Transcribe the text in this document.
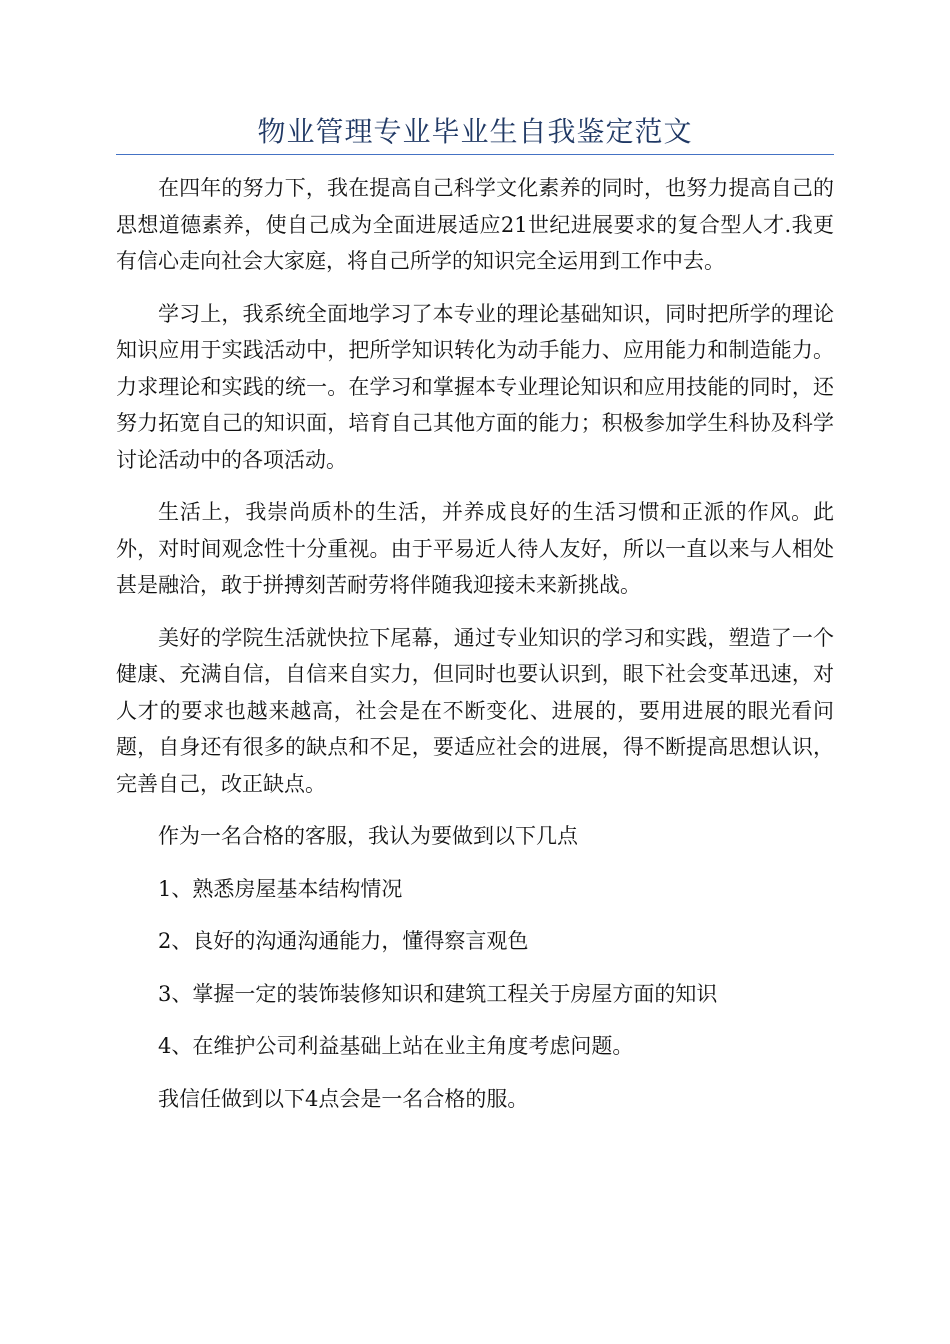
物业管理专业毕业生自我鉴定范文

在四年的努力下，我在提高自己科学文化素养的同时，也努力提高自己的思想道德素养，使自己成为全面进展适应21世纪进展要求的复合型人才.我更有信心走向社会大家庭，将自己所学的知识完全运用到工作中去。

学习上，我系统全面地学习了本专业的理论基础知识，同时把所学的理论知识应用于实践活动中，把所学知识转化为动手能力、应用能力和制造能力。力求理论和实践的统一。在学习和掌握本专业理论知识和应用技能的同时，还努力拓宽自己的知识面，培育自己其他方面的能力；积极参加学生科协及科学讨论活动中的各项活动。

生活上，我崇尚质朴的生活，并养成良好的生活习惯和正派的作风。此外，对时间观念性十分重视。由于平易近人待人友好，所以一直以来与人相处甚是融洽，敢于拼搏刻苦耐劳将伴随我迎接未来新挑战。

美好的学院生活就快拉下尾幕，通过专业知识的学习和实践，塑造了一个健康、充满自信，自信来自实力，但同时也要认识到，眼下社会变革迅速，对人才的要求也越来越高，社会是在不断变化、进展的，要用进展的眼光看问题，自身还有很多的缺点和不足，要适应社会的进展，得不断提高思想认识，完善自己，改正缺点。

作为一名合格的客服，我认为要做到以下几点

1、熟悉房屋基本结构情况

2、良好的沟通沟通能力，懂得察言观色

3、掌握一定的装饰装修知识和建筑工程关于房屋方面的知识

4、在维护公司利益基础上站在业主角度考虑问题。

我信任做到以下4点会是一名合格的服。
